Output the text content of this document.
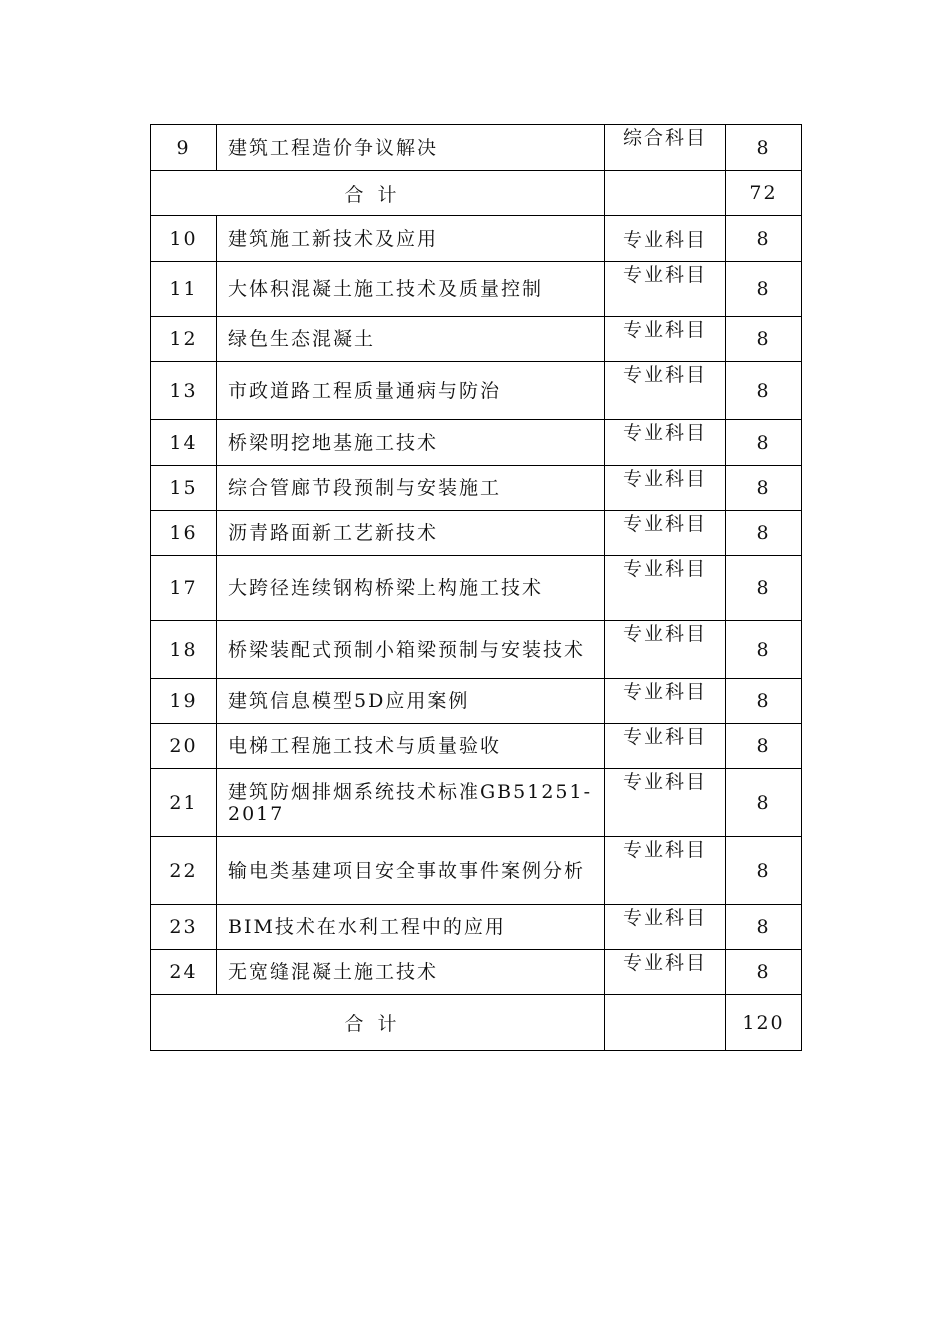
9	建筑工程造价争议解决	综合科目	8
合计			72
10	建筑施工新技术及应用	专业科目	8
11	大体积混凝土施工技术及质量控制	专业科目	8
12	绿色生态混凝土	专业科目	8
13	市政道路工程质量通病与防治	专业科目	8
14	桥梁明挖地基施工技术	专业科目	8
15	综合管廊节段预制与安装施工	专业科目	8
16	沥青路面新工艺新技术	专业科目	8
17	大跨径连续钢构桥梁上构施工技术	专业科目	8
18	桥梁装配式预制小箱梁预制与安装技术	专业科目	8
19	建筑信息模型5D应用案例	专业科目	8
20	电梯工程施工技术与质量验收	专业科目	8
21	建筑防烟排烟系统技术标准GB51251-2017	专业科目	8
22	输电类基建项目安全事故事件案例分析	专业科目	8
23	BIM技术在水利工程中的应用	专业科目	8
24	无宽缝混凝土施工技术	专业科目	8
合计			120
